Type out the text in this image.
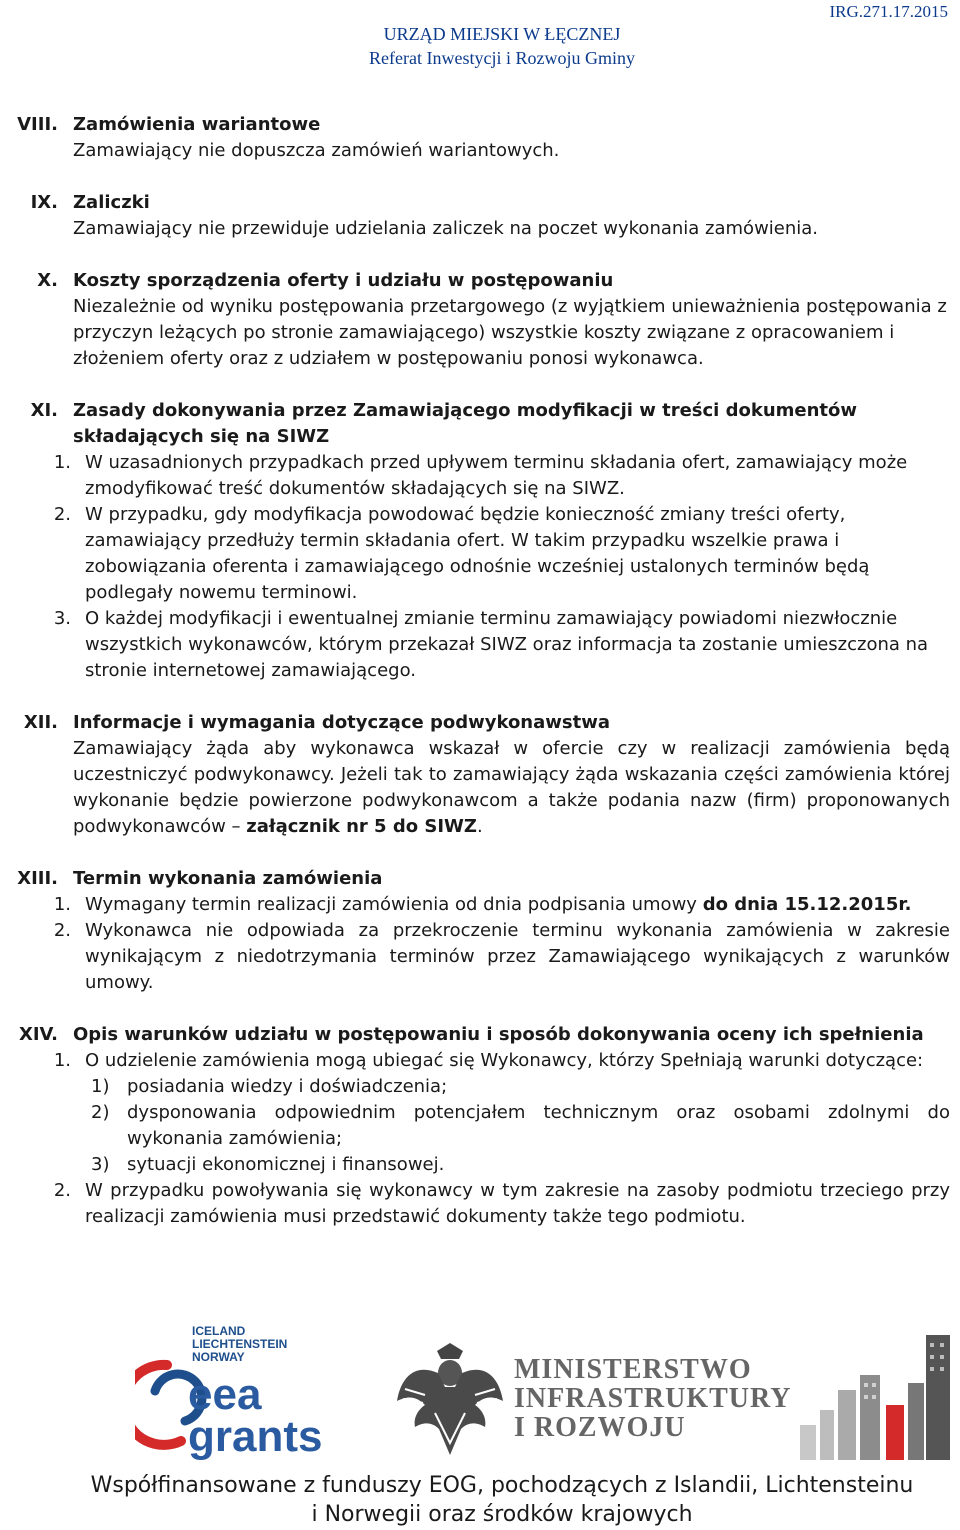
IRG.271.17.2015
URZĄD MIEJSKI W ŁĘCZNEJ
Referat Inwestycji i Rozwoju Gminy
VIII. Zamówienia wariantowe
Zamawiający nie dopuszcza zamówień wariantowych.
IX. Zaliczki
Zamawiający nie przewiduje udzielania zaliczek na poczet wykonania zamówienia.
X. Koszty sporządzenia oferty i udziału w postępowaniu
Niezależnie od wyniku postępowania przetargowego (z wyjątkiem unieważnienia postępowania z przyczyn leżących po stronie zamawiającego) wszystkie koszty związane z opracowaniem i złożeniem oferty oraz z udziałem w postępowaniu ponosi wykonawca.
XI. Zasady dokonywania przez Zamawiającego modyfikacji w treści dokumentów składających się na SIWZ
1. W uzasadnionych przypadkach przed upływem terminu składania ofert, zamawiający może zmodyfikować treść dokumentów składających się na SIWZ.
2. W przypadku, gdy modyfikacja powodować będzie konieczność zmiany treści oferty, zamawiający przedłuży termin składania ofert. W takim przypadku wszelkie prawa i zobowiązania oferenta i zamawiającego odnośnie wcześniej ustalonych terminów będą podlegały nowemu terminowi.
3. O każdej modyfikacji i ewentualnej zmianie terminu zamawiający powiadomi niezwłocznie wszystkich wykonawców, którym przekazał SIWZ oraz informacja ta zostanie umieszczona na stronie internetowej zamawiającego.
XII. Informacje i wymagania dotyczące podwykonawstwa
Zamawiający żąda aby wykonawca wskazał w ofercie czy w realizacji zamówienia będą uczestniczyć podwykonawcy. Jeżeli tak to zamawiający żąda wskazania części zamówienia której wykonanie będzie powierzone podwykonawcom a także podania nazw (firm) proponowanych podwykonawców – załącznik nr 5 do SIWZ.
XIII. Termin wykonania zamówienia
1. Wymagany termin realizacji zamówienia od dnia podpisania umowy do dnia 15.12.2015r.
2. Wykonawca nie odpowiada za przekroczenie terminu wykonania zamówienia w zakresie wynikającym z niedotrzymania terminów przez Zamawiającego wynikających z warunków umowy.
XIV. Opis warunków udziału w postępowaniu i sposób dokonywania oceny ich spełnienia
1. O udzielenie zamówienia mogą ubiegać się Wykonawcy, którzy Spełniają warunki dotyczące:
1) posiadania wiedzy i doświadczenia;
2) dysponowania odpowiednim potencjałem technicznym oraz osobami zdolnymi do wykonania zamówienia;
3) sytuacji ekonomicznej i finansowej.
2. W przypadku powoływania się wykonawcy w tym zakresie na zasoby podmiotu trzeciego przy realizacji zamówienia musi przedstawić dokumenty także tego podmiotu.
ICELAND
LIECHTENSTEIN
NORWAY
eea
grants
MINISTERSTWO
INFRASTRUKTURY
I ROZWOJU
Współfinansowane z funduszy EOG, pochodzących z Islandii, Lichtensteinu
i Norwegii oraz środków krajowych
